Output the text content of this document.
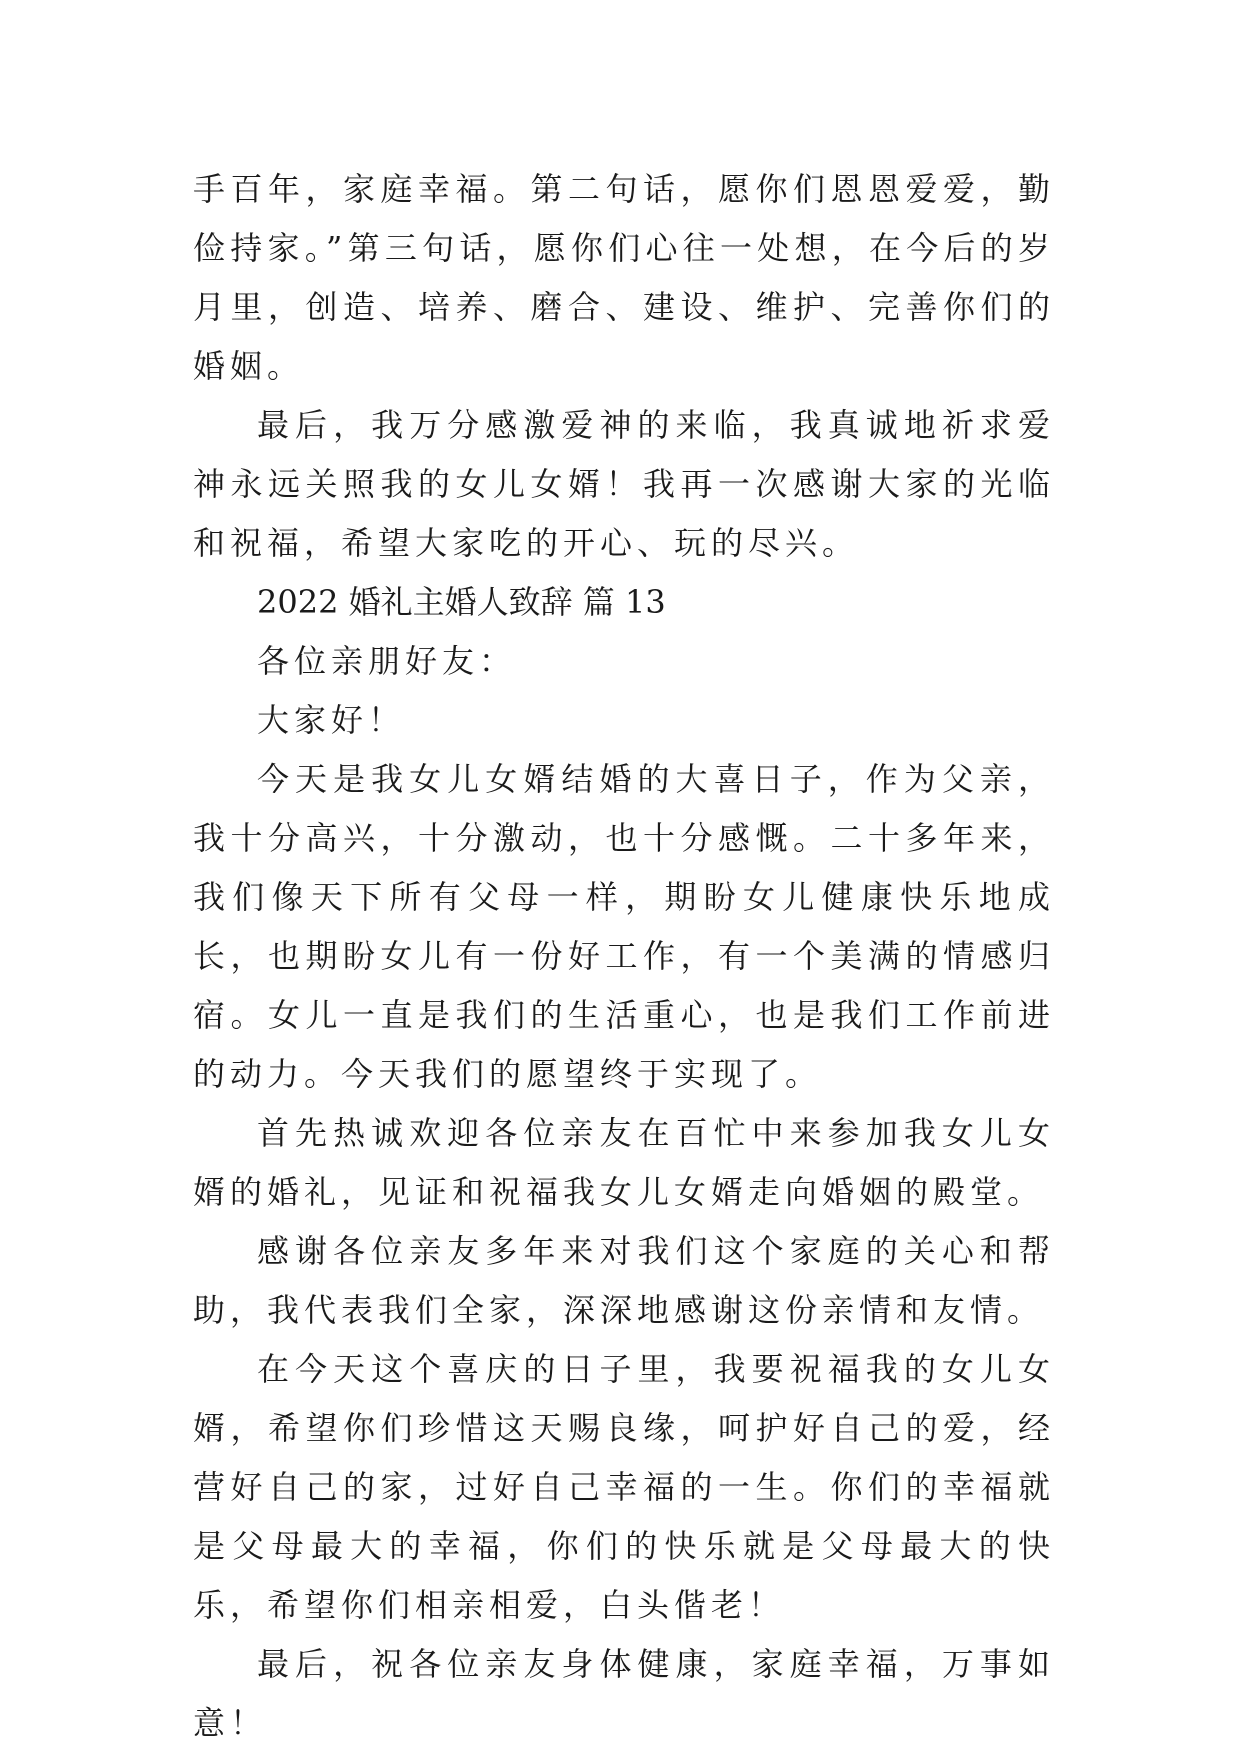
手百年，家庭幸福。第二句话，愿你们恩恩爱爱，勤俭持家。”第三句话，愿你们心往一处想，在今后的岁月里，创造、培养、磨合、建设、维护、完善你们的婚姻。

最后，我万分感激爱神的来临，我真诚地祈求爱神永远关照我的女儿女婿！我再一次感谢大家的光临和祝福，希望大家吃的开心、玩的尽兴。

2022 婚礼主婚人致辞 篇 13

各位亲朋好友：

大家好！

今天是我女儿女婿结婚的大喜日子，作为父亲，我十分高兴，十分激动，也十分感慨。二十多年来，我们像天下所有父母一样，期盼女儿健康快乐地成长，也期盼女儿有一份好工作，有一个美满的情感归宿。女儿一直是我们的生活重心，也是我们工作前进的动力。今天我们的愿望终于实现了。

首先热诚欢迎各位亲友在百忙中来参加我女儿女婿的婚礼，见证和祝福我女儿女婿走向婚姻的殿堂。

感谢各位亲友多年来对我们这个家庭的关心和帮助，我代表我们全家，深深地感谢这份亲情和友情。

在今天这个喜庆的日子里，我要祝福我的女儿女婿，希望你们珍惜这天赐良缘，呵护好自己的爱，经营好自己的家，过好自己幸福的一生。你们的幸福就是父母最大的幸福，你们的快乐就是父母最大的快乐，希望你们相亲相爱，白头偕老！

最后，祝各位亲友身体健康，家庭幸福，万事如意！
